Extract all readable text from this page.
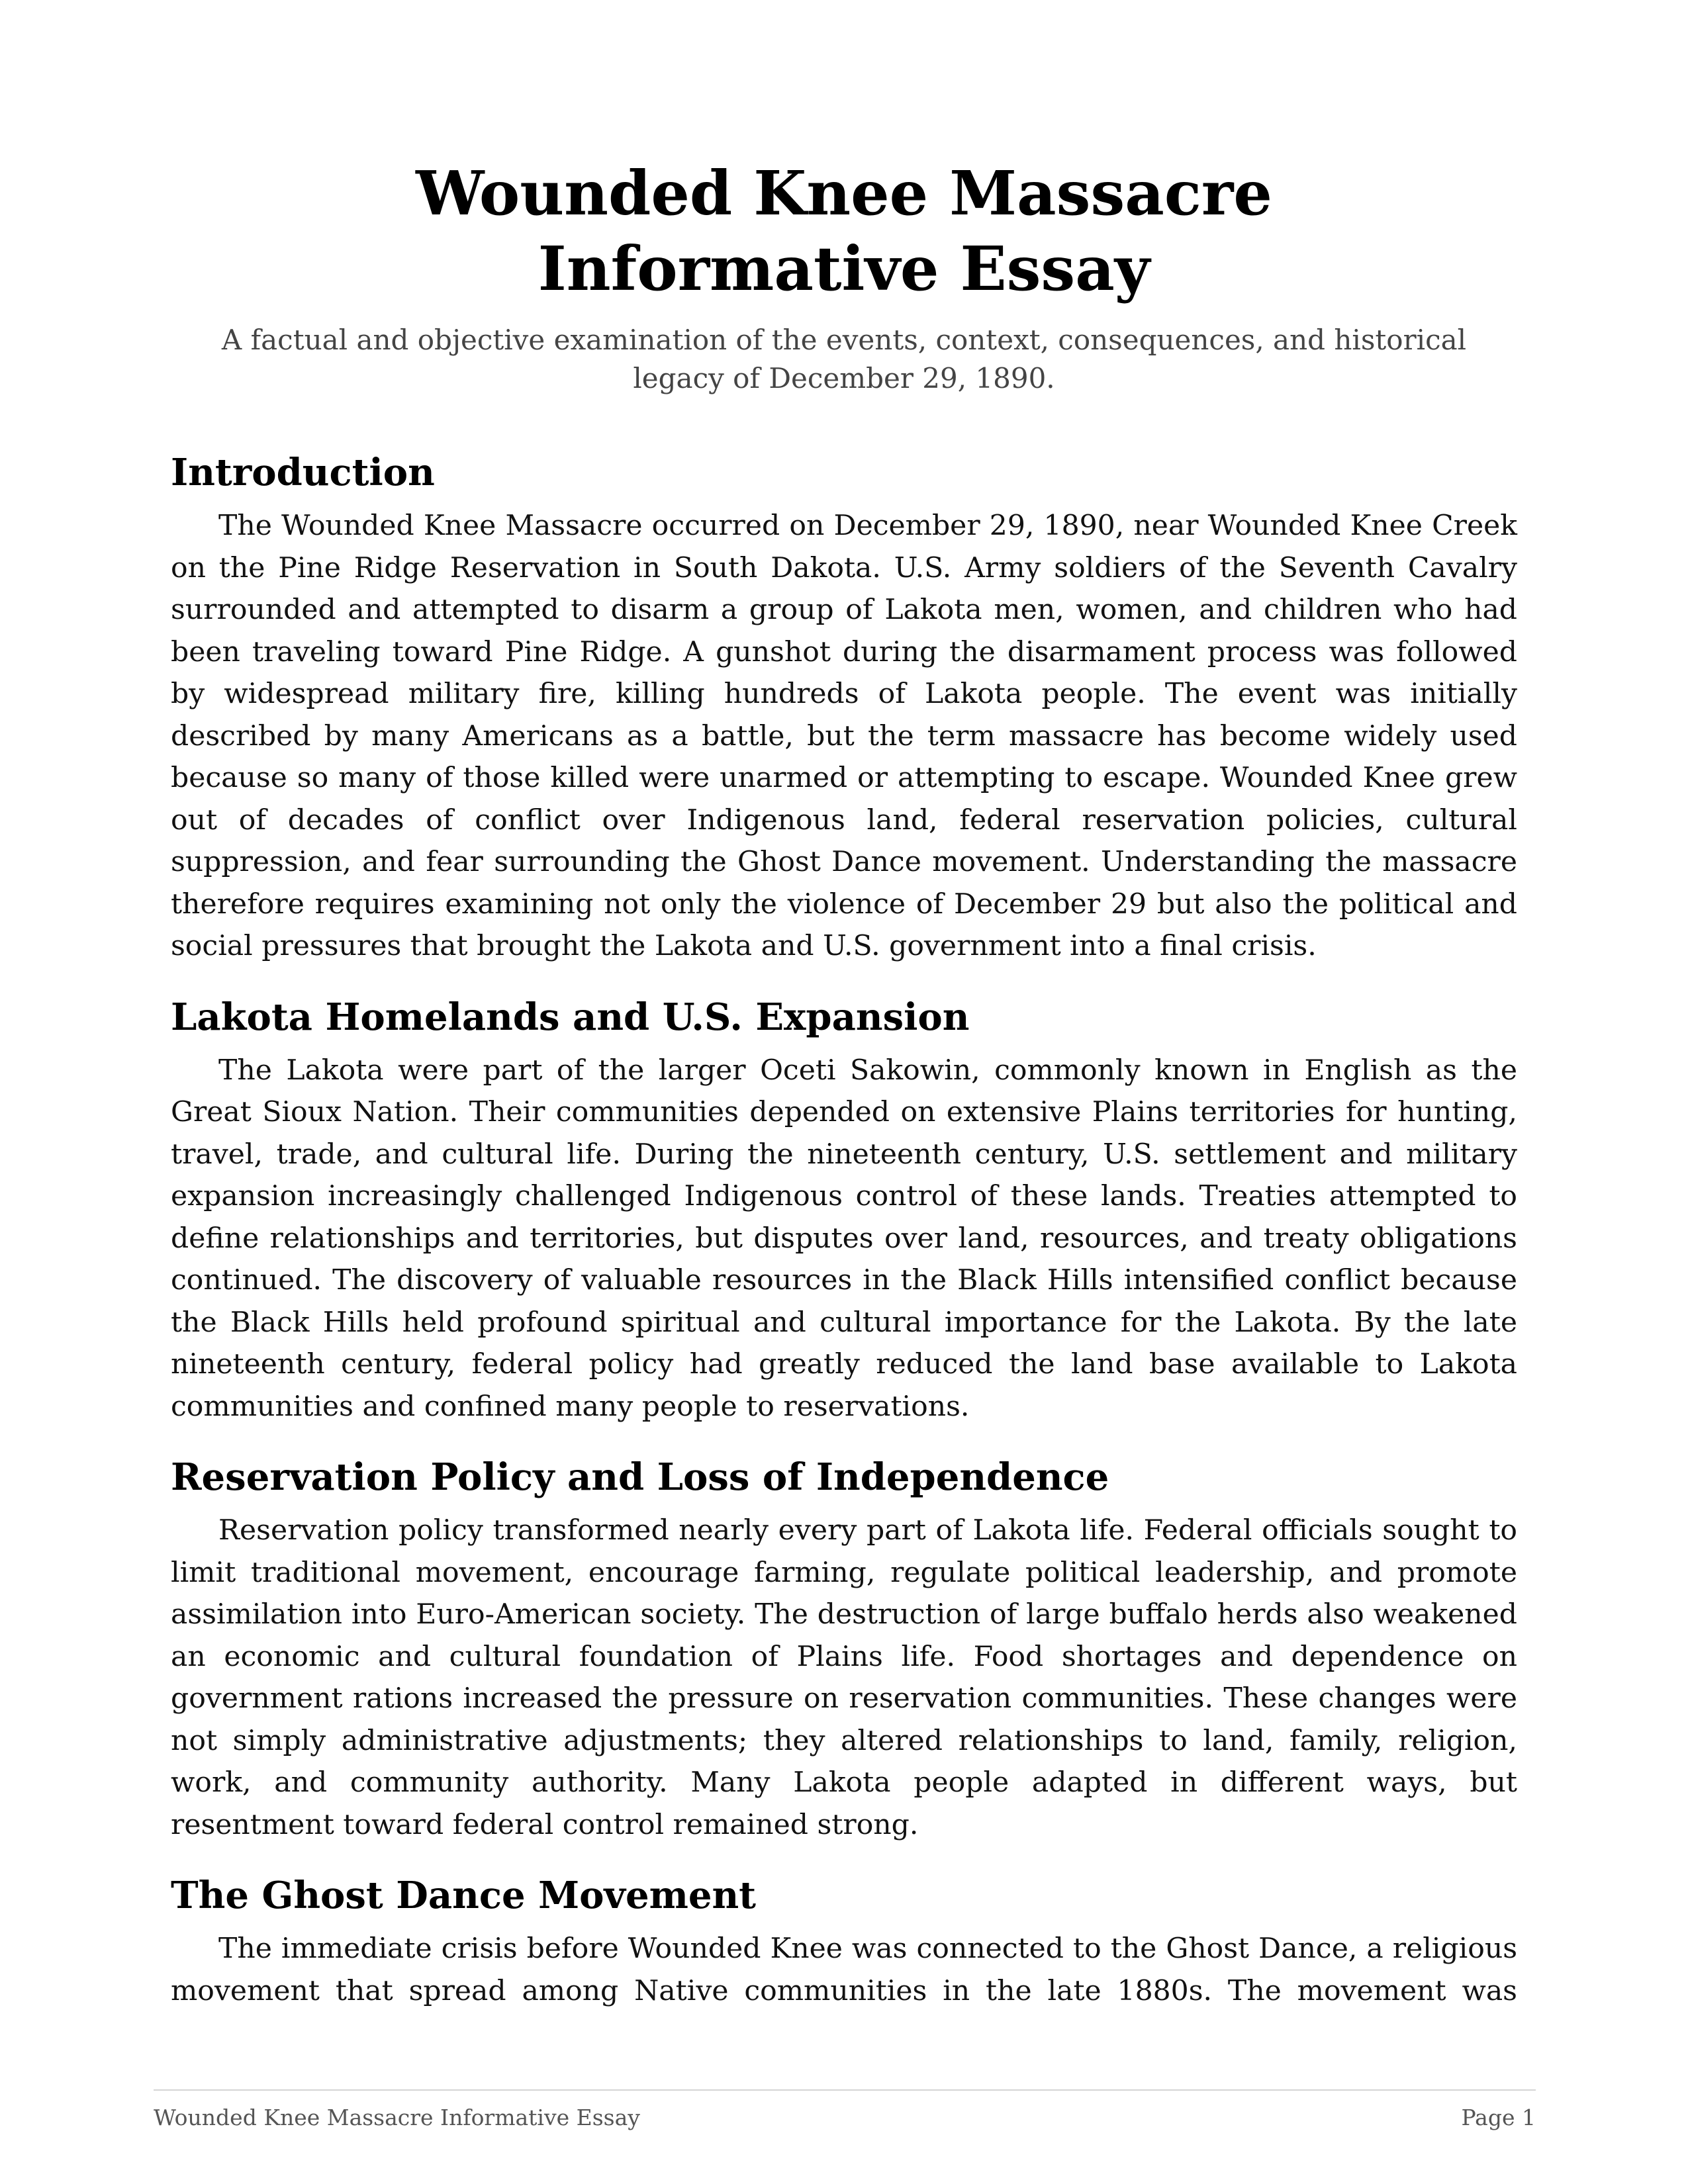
Wounded Knee Massacre Informative Essay
A factual and objective examination of the events, context, consequences, and historical legacy of December 29, 1890.
Introduction

The Wounded Knee Massacre occurred on December 29, 1890, near Wounded Knee Creek on the Pine Ridge Reservation in South Dakota. U.S. Army soldiers of the Seventh Cavalry surrounded and attempted to disarm a group of Lakota men, women, and children who had been traveling toward Pine Ridge. A gunshot during the disarmament process was followed by widespread military fire, killing hundreds of Lakota people. The event was initially described by many Americans as a battle, but the term massacre has become widely used because so many of those killed were unarmed or attempting to escape. Wounded Knee grew out of decades of conflict over Indigenous land, federal reservation policies, cultural suppression, and fear surrounding the Ghost Dance movement. Understanding the massacre therefore requires examining not only the violence of December 29 but also the political and social pressures that brought the Lakota and U.S. government into a final crisis.

Lakota Homelands and U.S. Expansion

The Lakota were part of the larger Oceti Sakowin, commonly known in English as the Great Sioux Nation. Their communities depended on extensive Plains territories for hunting, travel, trade, and cultural life. During the nineteenth century, U.S. settlement and military expansion increasingly challenged Indigenous control of these lands. Treaties attempted to define relationships and territories, but disputes over land, resources, and treaty obligations continued. The discovery of valuable resources in the Black Hills intensified conflict because the Black Hills held profound spiritual and cultural importance for the Lakota. By the late nineteenth century, federal policy had greatly reduced the land base available to Lakota communities and confined many people to reservations.

Reservation Policy and Loss of Independence

Reservation policy transformed nearly every part of Lakota life. Federal officials sought to limit traditional movement, encourage farming, regulate political leadership, and promote assimilation into Euro-American society. The destruction of large buffalo herds also weakened an economic and cultural foundation of Plains life. Food shortages and dependence on government rations increased the pressure on reservation communities. These changes were not simply administrative adjustments; they altered relationships to land, family, religion, work, and community authority. Many Lakota people adapted in different ways, but resentment toward federal control remained strong.

The Ghost Dance Movement

The immediate crisis before Wounded Knee was connected to the Ghost Dance, a religious movement that spread among Native communities in the late 1880s. The movement was

Wounded Knee Massacre Informative Essay	Page 1
